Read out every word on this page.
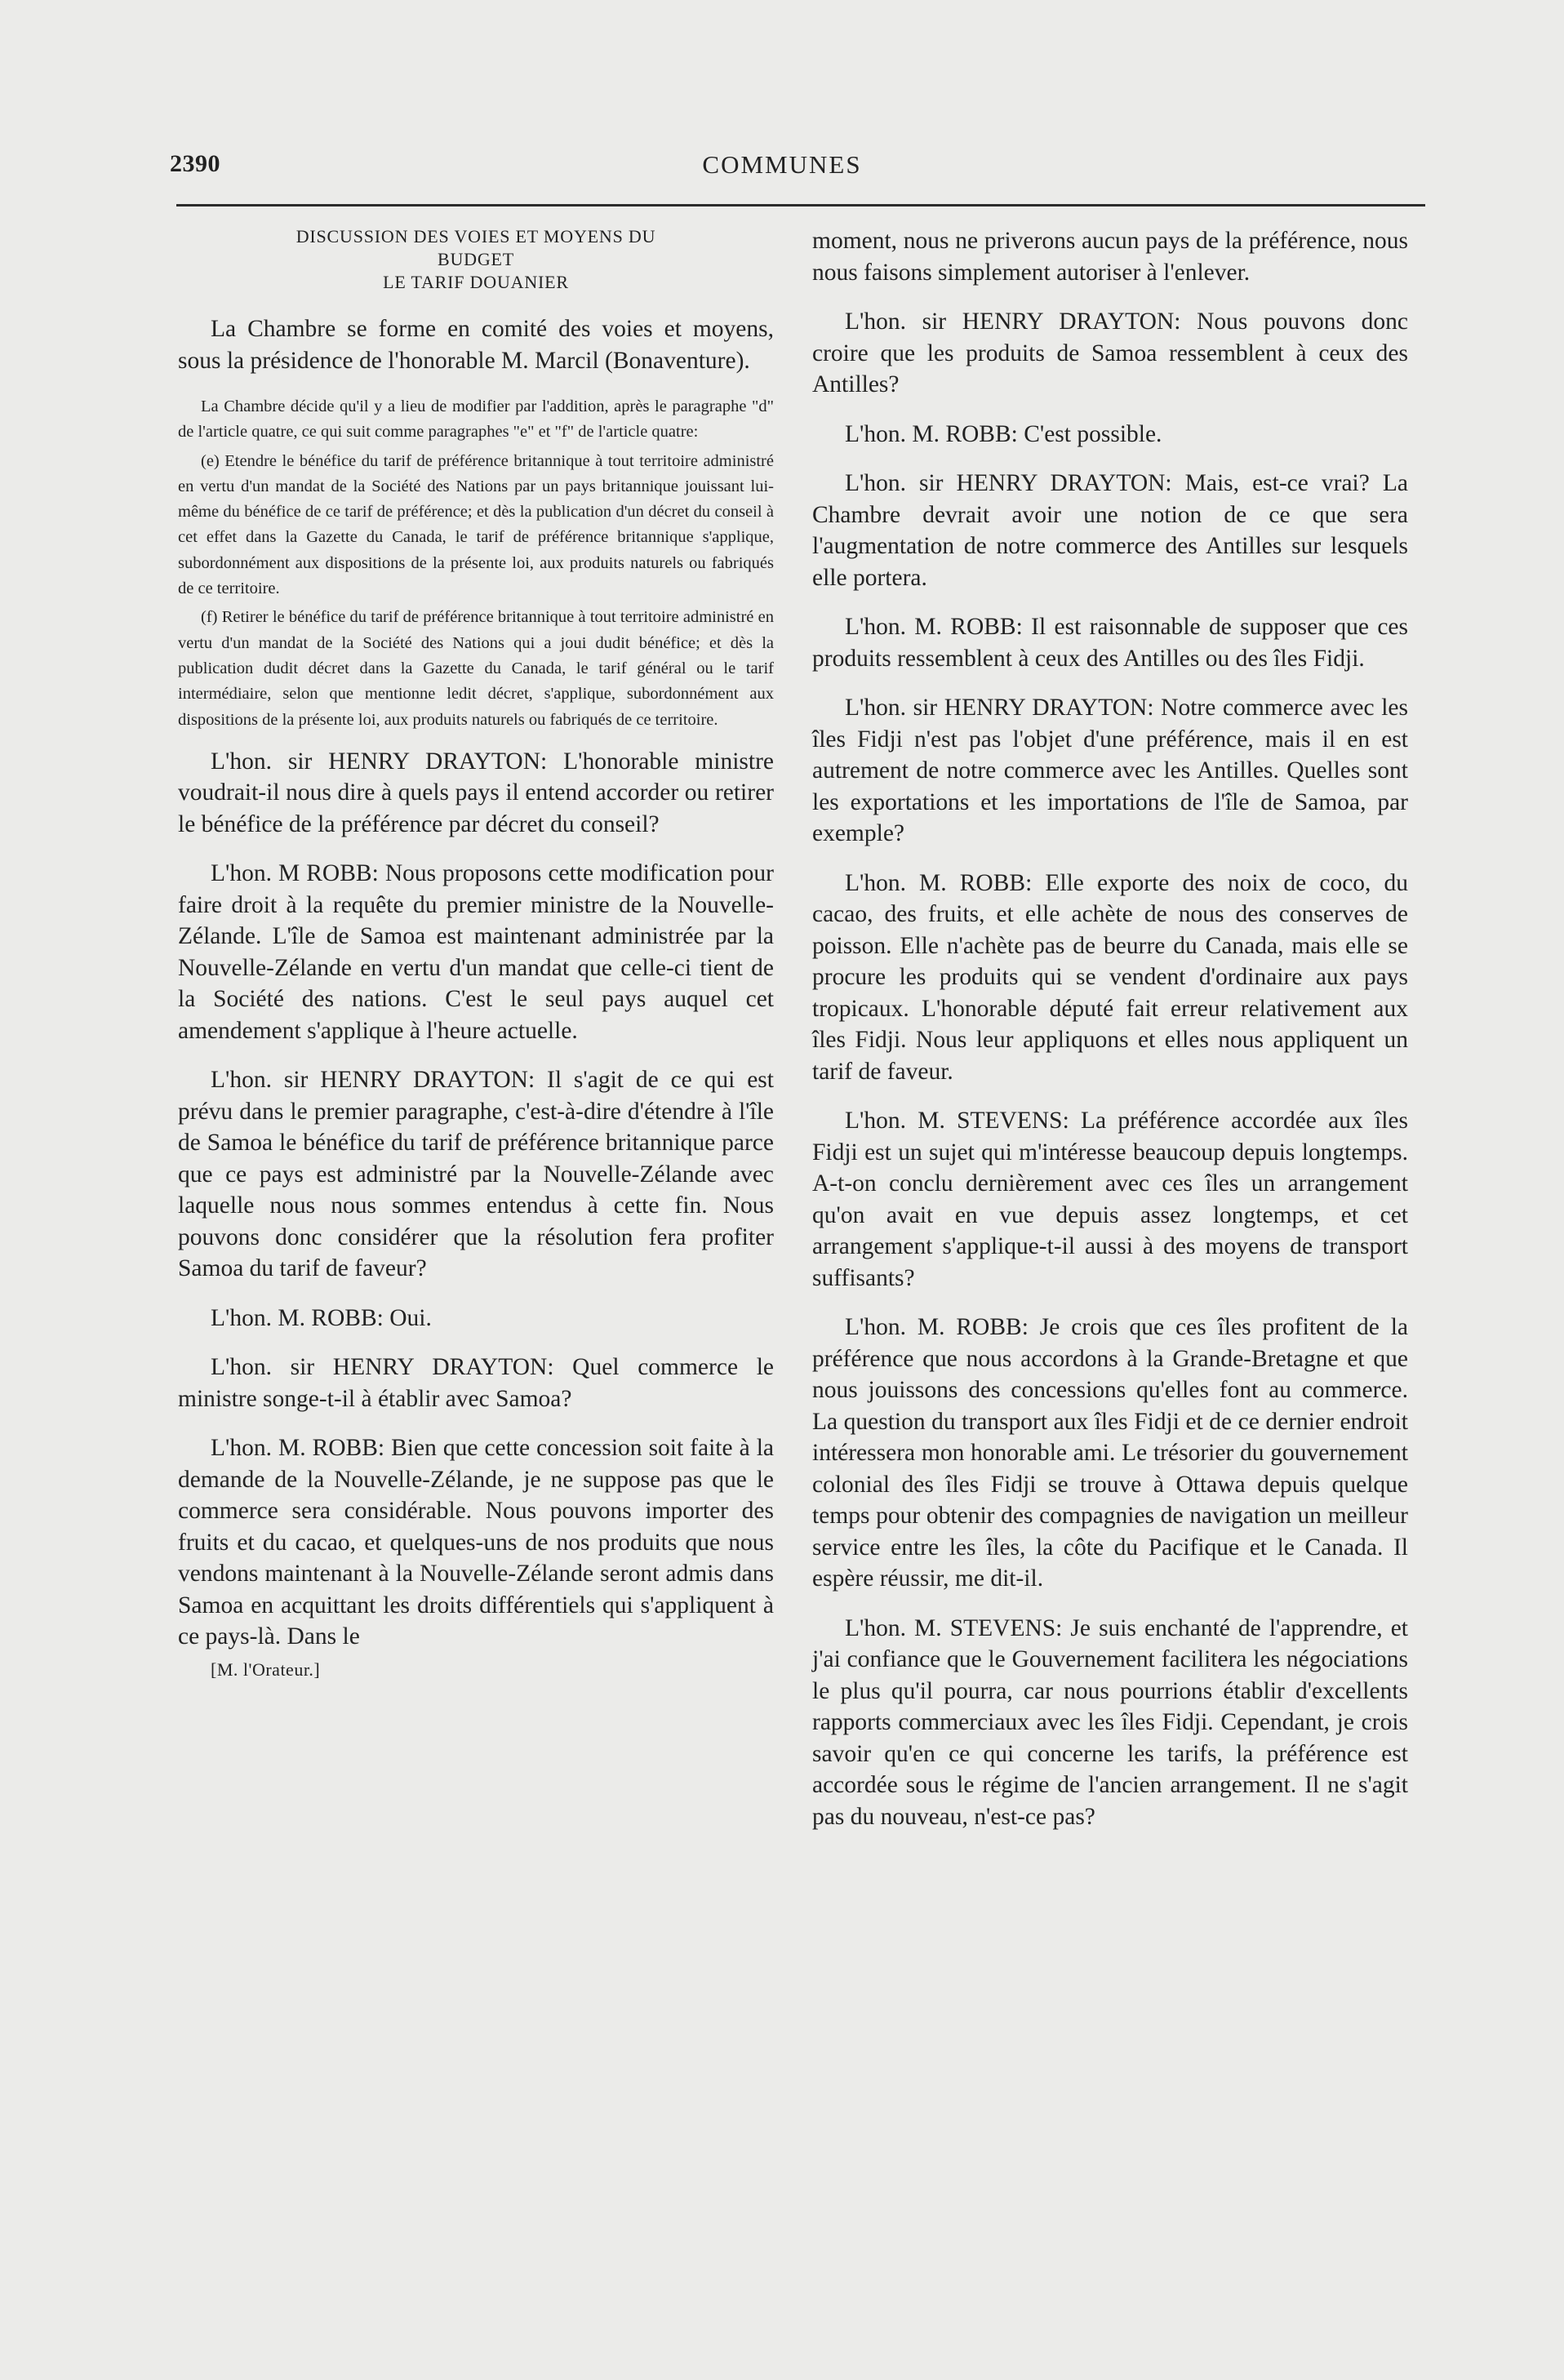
2390	COMMUNES
DISCUSSION DES VOIES ET MOYENS DU
BUDGET
LE TARIF DOUANIER

La Chambre se forme en comité des voies et moyens, sous la présidence de l'honorable M. Marcil (Bonaventure).

La Chambre décide qu'il y a lieu de modifier par l'addition, après le paragraphe "d" de l'article quatre, ce qui suit comme paragraphes "e" et "f" de l'article quatre:

(e) Etendre le bénéfice du tarif de préférence britannique à tout territoire administré en vertu d'un mandat de la Société des Nations par un pays britannique jouissant lui-même du bénéfice de ce tarif de préférence; et dès la publication d'un décret du conseil à cet effet dans la Gazette du Canada, le tarif de préférence britannique s'applique, subordonnément aux dispositions de la présente loi, aux produits naturels ou fabriqués de ce territoire.

(f) Retirer le bénéfice du tarif de préférence britannique à tout territoire administré en vertu d'un mandat de la Société des Nations qui a joui dudit bénéfice; et dès la publication dudit décret dans la Gazette du Canada, le tarif général ou le tarif intermédiaire, selon que mentionne ledit décret, s'applique, subordonnément aux dispositions de la présente loi, aux produits naturels ou fabriqués de ce territoire.

L'hon. sir HENRY DRAYTON: L'honorable ministre voudrait-il nous dire à quels pays il entend accorder ou retirer le bénéfice de la préférence par décret du conseil?

L'hon. M ROBB: Nous proposons cette modification pour faire droit à la requête du premier ministre de la Nouvelle-Zélande. L'île de Samoa est maintenant administrée par la Nouvelle-Zélande en vertu d'un mandat que celle-ci tient de la Société des nations. C'est le seul pays auquel cet amendement s'applique à l'heure actuelle.

L'hon. sir HENRY DRAYTON: Il s'agit de ce qui est prévu dans le premier paragraphe, c'est-à-dire d'étendre à l'île de Samoa le bénéfice du tarif de préférence britannique parce que ce pays est administré par la Nouvelle-Zélande avec laquelle nous nous sommes entendus à cette fin. Nous pouvons donc considérer que la résolution fera profiter Samoa du tarif de faveur?

L'hon. M. ROBB: Oui.

L'hon. sir HENRY DRAYTON: Quel commerce le ministre songe-t-il à établir avec Samoa?

L'hon. M. ROBB: Bien que cette concession soit faite à la demande de la Nouvelle-Zélande, je ne suppose pas que le commerce sera considérable. Nous pouvons importer des fruits et du cacao, et quelques-uns de nos produits que nous vendons maintenant à la Nouvelle-Zélande seront admis dans Samoa en acquittant les droits différentiels qui s'appliquent à ce pays-là. Dans le

[M. l'Orateur.]

moment, nous ne priverons aucun pays de la préférence, nous nous faisons simplement autoriser à l'enlever.

L'hon. sir HENRY DRAYTON: Nous pouvons donc croire que les produits de Samoa ressemblent à ceux des Antilles?

L'hon. M. ROBB: C'est possible.

L'hon. sir HENRY DRAYTON: Mais, est-ce vrai? La Chambre devrait avoir une notion de ce que sera l'augmentation de notre commerce des Antilles sur lesquels elle portera.

L'hon. M. ROBB: Il est raisonnable de supposer que ces produits ressemblent à ceux des Antilles ou des îles Fidji.

L'hon. sir HENRY DRAYTON: Notre commerce avec les îles Fidji n'est pas l'objet d'une préférence, mais il en est autrement de notre commerce avec les Antilles. Quelles sont les exportations et les importations de l'île de Samoa, par exemple?

L'hon. M. ROBB: Elle exporte des noix de coco, du cacao, des fruits, et elle achète de nous des conserves de poisson. Elle n'achète pas de beurre du Canada, mais elle se procure les produits qui se vendent d'ordinaire aux pays tropicaux. L'honorable député fait erreur relativement aux îles Fidji. Nous leur appliquons et elles nous appliquent un tarif de faveur.

L'hon. M. STEVENS: La préférence accordée aux îles Fidji est un sujet qui m'intéresse beaucoup depuis longtemps. A-t-on conclu dernièrement avec ces îles un arrangement qu'on avait en vue depuis assez longtemps, et cet arrangement s'applique-t-il aussi à des moyens de transport suffisants?

L'hon. M. ROBB: Je crois que ces îles profitent de la préférence que nous accordons à la Grande-Bretagne et que nous jouissons des concessions qu'elles font au commerce. La question du transport aux îles Fidji et de ce dernier endroit intéressera mon honorable ami. Le trésorier du gouvernement colonial des îles Fidji se trouve à Ottawa depuis quelque temps pour obtenir des compagnies de navigation un meilleur service entre les îles, la côte du Pacifique et le Canada. Il espère réussir, me dit-il.

L'hon. M. STEVENS: Je suis enchanté de l'apprendre, et j'ai confiance que le Gouvernement facilitera les négociations le plus qu'il pourra, car nous pourrions établir d'excellents rapports commerciaux avec les îles Fidji. Cependant, je crois savoir qu'en ce qui concerne les tarifs, la préférence est accordée sous le régime de l'ancien arrangement. Il ne s'agit pas du nouveau, n'est-ce pas?
